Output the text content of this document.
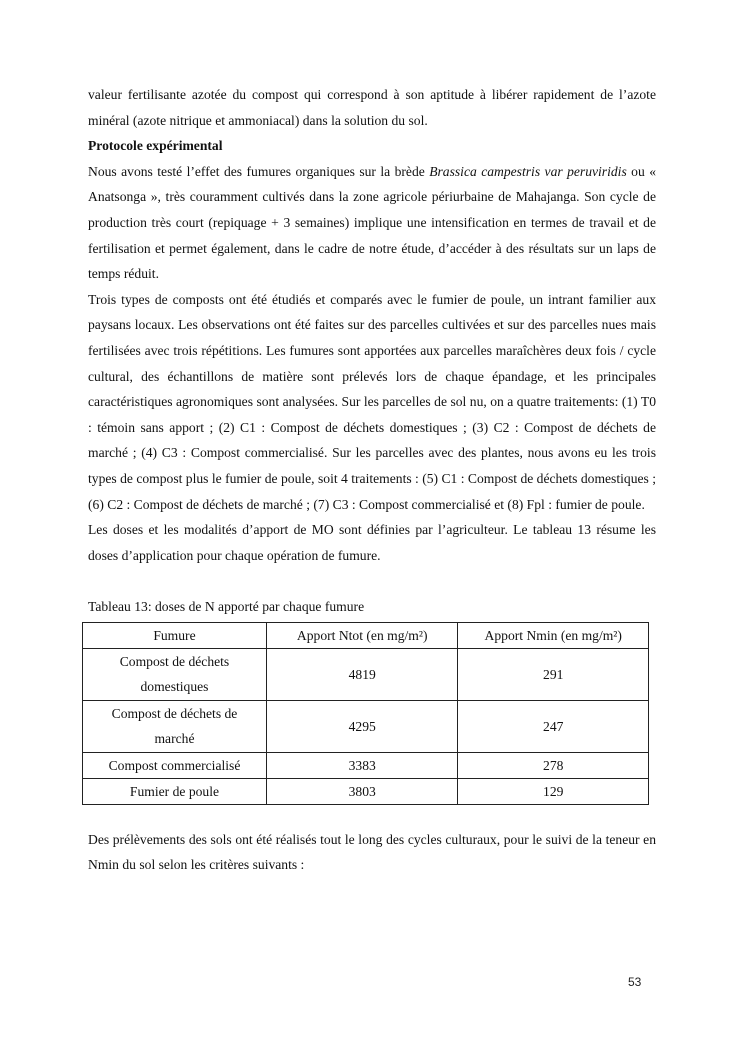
valeur fertilisante azotée du compost qui correspond à son aptitude à libérer rapidement de l’azote minéral (azote nitrique et ammoniacal) dans la solution du sol.

Protocole expérimental

Nous avons testé l’effet des fumures organiques sur la brède Brassica campestris var peruviridis ou « Anatsonga », très couramment cultivés dans la zone agricole périurbaine de Mahajanga. Son cycle de production très court (repiquage + 3 semaines) implique une intensification en termes de travail et de fertilisation et permet également, dans le cadre de notre étude, d’accéder à des résultats sur un laps de temps réduit.

Trois types de composts ont été étudiés et comparés avec le fumier de poule, un intrant familier aux paysans locaux. Les observations ont été faites sur des parcelles cultivées et sur des parcelles nues mais fertilisées avec trois répétitions. Les fumures sont apportées aux parcelles maraîchères deux fois / cycle cultural, des échantillons de matière sont prélevés lors de chaque épandage, et les principales caractéristiques agronomiques sont analysées. Sur les parcelles de sol nu, on a quatre traitements: (1) T0 : témoin sans apport ; (2) C1 : Compost de déchets domestiques ; (3) C2 : Compost de déchets de marché ; (4) C3 : Compost commercialisé. Sur les parcelles avec des plantes, nous avons eu les trois types de compost plus le fumier de poule, soit 4 traitements : (5) C1 : Compost de déchets domestiques ; (6) C2 : Compost de déchets de marché ; (7) C3 : Compost commercialisé et (8) Fpl : fumier de poule.

Les doses et les modalités d’apport de MO sont définies par l’agriculteur. Le tableau 13 résume les doses d’application pour chaque opération de fumure.

Tableau 13: doses de N apporté par chaque fumure

Fumure	Apport Ntot (en mg/m²)	Apport Nmin (en mg/m²)
Compost de déchets
domestiques	4819	291
Compost de déchets de
marché	4295	247
Compost commercialisé	3383	278
Fumier de poule	3803	129

Des prélèvements des sols ont été réalisés tout le long des cycles culturaux, pour le suivi de la teneur en Nmin du sol selon les critères suivants :

53
